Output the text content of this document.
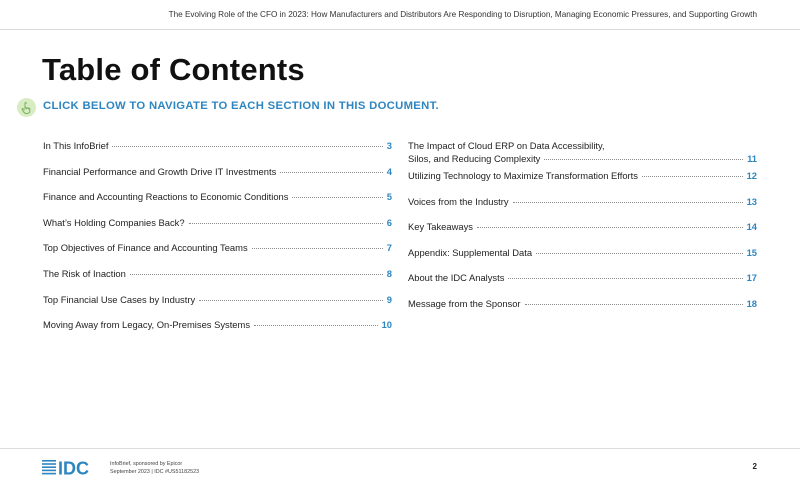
The Evolving Role of the CFO in 2023: How Manufacturers and Distributors Are Responding to Disruption, Managing Economic Pressures, and Supporting Growth
Table of Contents
CLICK BELOW TO NAVIGATE TO EACH SECTION IN THIS DOCUMENT.
In This InfoBrief	3
Financial Performance and Growth Drive IT Investments	4
Finance and Accounting Reactions to Economic Conditions	5
What’s Holding Companies Back?	6
Top Objectives of Finance and Accounting Teams	7
The Risk of Inaction	8
Top Financial Use Cases by Industry	9
Moving Away from Legacy, On-Premises Systems	10
The Impact of Cloud ERP on Data Accessibility,
Silos, and Reducing Complexity	11
Utilizing Technology to Maximize Transformation Efforts	12
Voices from the Industry	13
Key Takeaways	14
Appendix: Supplemental Data	15
About the IDC Analysts	17
Message from the Sponsor	18
IDC	InfoBrief, sponsored by Epicor
September 2023 | IDC #US51182523
2
